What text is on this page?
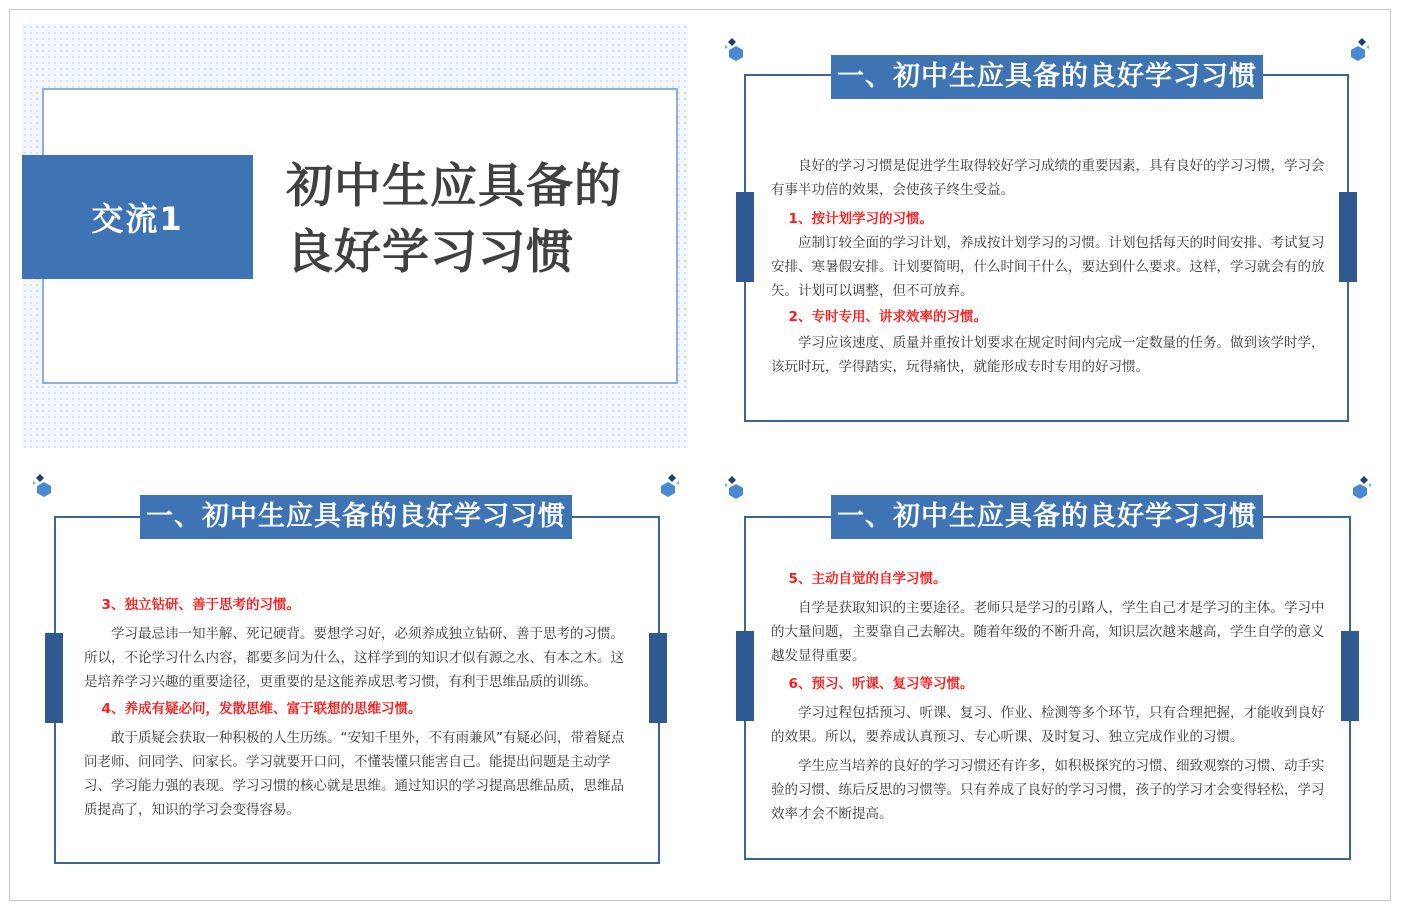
交流1
初中生应具备的
良好学习习惯
一、初中生应具备的良好学习习惯

良好的学习习惯是促进学生取得较好学习成绩的重要因素，具有良好的学习习惯，学习会有事半功倍的效果，会使孩子终生受益。

1、按计划学习的习惯。

应制订较全面的学习计划，养成按计划学习的习惯。计划包括每天的时间安排、考试复习安排、寒暑假安排。计划要简明，什么时间干什么，要达到什么要求。这样，学习就会有的放矢。计划可以调整，但不可放弃。

2、专时专用、讲求效率的习惯。

学习应该速度、质量并重按计划要求在规定时间内完成一定数量的任务。做到该学时学，该玩时玩，学得踏实，玩得痛快，就能形成专时专用的好习惯。

一、初中生应具备的良好学习习惯

3、独立钻研、善于思考的习惯。

学习最忌讳一知半解、死记硬背。要想学习好，必须养成独立钻研、善于思考的习惯。所以，不论学习什么内容，都要多问为什么，这样学到的知识才似有源之水、有本之木。这是培养学习兴趣的重要途径，更重要的是这能养成思考习惯，有利于思维品质的训练。

4、养成有疑必问，发散思维、富于联想的思维习惯。

敢于质疑会获取一种积极的人生历练。“安知千里外，不有雨兼风”有疑必问，带着疑点问老师、问同学、问家长。学习就要开口问，不懂装懂只能害自己。能提出问题是主动学习、学习能力强的表现。学习习惯的核心就是思维。通过知识的学习提高思维品质，思维品质提高了，知识的学习会变得容易。

一、初中生应具备的良好学习习惯

5、主动自觉的自学习惯。

自学是获取知识的主要途径。老师只是学习的引路人，学生自己才是学习的主体。学习中的大量问题，主要靠自己去解决。随着年级的不断升高，知识层次越来越高，学生自学的意义越发显得重要。

6、预习、听课、复习等习惯。

学习过程包括预习、听课、复习、作业、检测等多个环节，只有合理把握，才能收到良好的效果。所以，要养成认真预习、专心听课、及时复习、独立完成作业的习惯。

学生应当培养的良好的学习习惯还有许多，如积极探究的习惯、细致观察的习惯、动手实验的习惯、练后反思的习惯等。只有养成了良好的学习习惯，孩子的学习才会变得轻松，学习效率才会不断提高。
